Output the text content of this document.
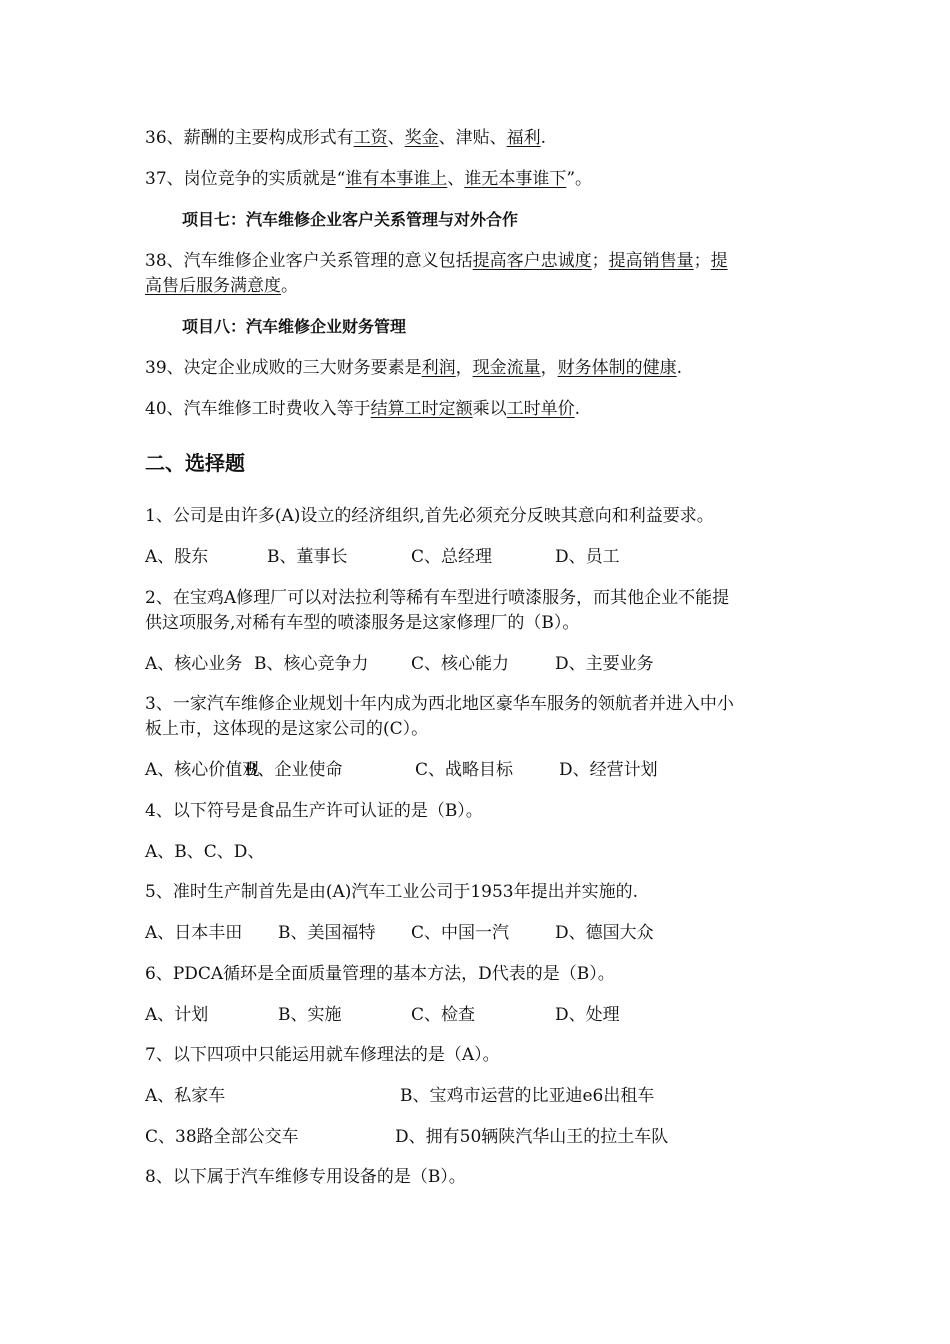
36、薪酬的主要构成形式有工资、奖金、津贴、福利.
37、岗位竞争的实质就是“谁有本事谁上、谁无本事谁下”。
项目七：汽车维修企业客户关系管理与对外合作
38、汽车维修企业客户关系管理的意义包括提高客户忠诚度；提高销售量；提
高售后服务满意度。
项目八：汽车维修企业财务管理
39、决定企业成败的三大财务要素是利润，现金流量，财务体制的健康.
40、汽车维修工时费收入等于结算工时定额乘以工时单价.
二、选择题
1、公司是由许多(A)设立的经济组织,首先必须充分反映其意向和利益要求。
A、股东	B、董事长	C、总经理	D、员工
2、在宝鸡A修理厂可以对法拉利等稀有车型进行喷漆服务，而其他企业不能提
供这项服务,对稀有车型的喷漆服务是这家修理厂的（B）。
A、核心业务 B、核心竞争力	C、核心能力	D、主要业务
3、一家汽车维修企业规划十年内成为西北地区豪华车服务的领航者并进入中小
板上市，这体现的是这家公司的(C）。
A、核心价值观
B、企业使命	C、战略目标	D、经营计划
4、以下符号是食品生产许可认证的是（B）。
A、B、C、D、
5、准时生产制首先是由(A)汽车工业公司于1953年提出并实施的.
A、日本丰田 B、美国福特 C、中国一汽	D、德国大众
6、PDCA循环是全面质量管理的基本方法，D代表的是（B）。
A、计划	B、实施	C、检查	D、处理
7、以下四项中只能运用就车修理法的是（A）。
A、私家车	B、宝鸡市运营的比亚迪e6出租车
C、38路全部公交车	D、拥有50辆陕汽华山王的拉土车队
8、以下属于汽车维修专用设备的是（B）。
